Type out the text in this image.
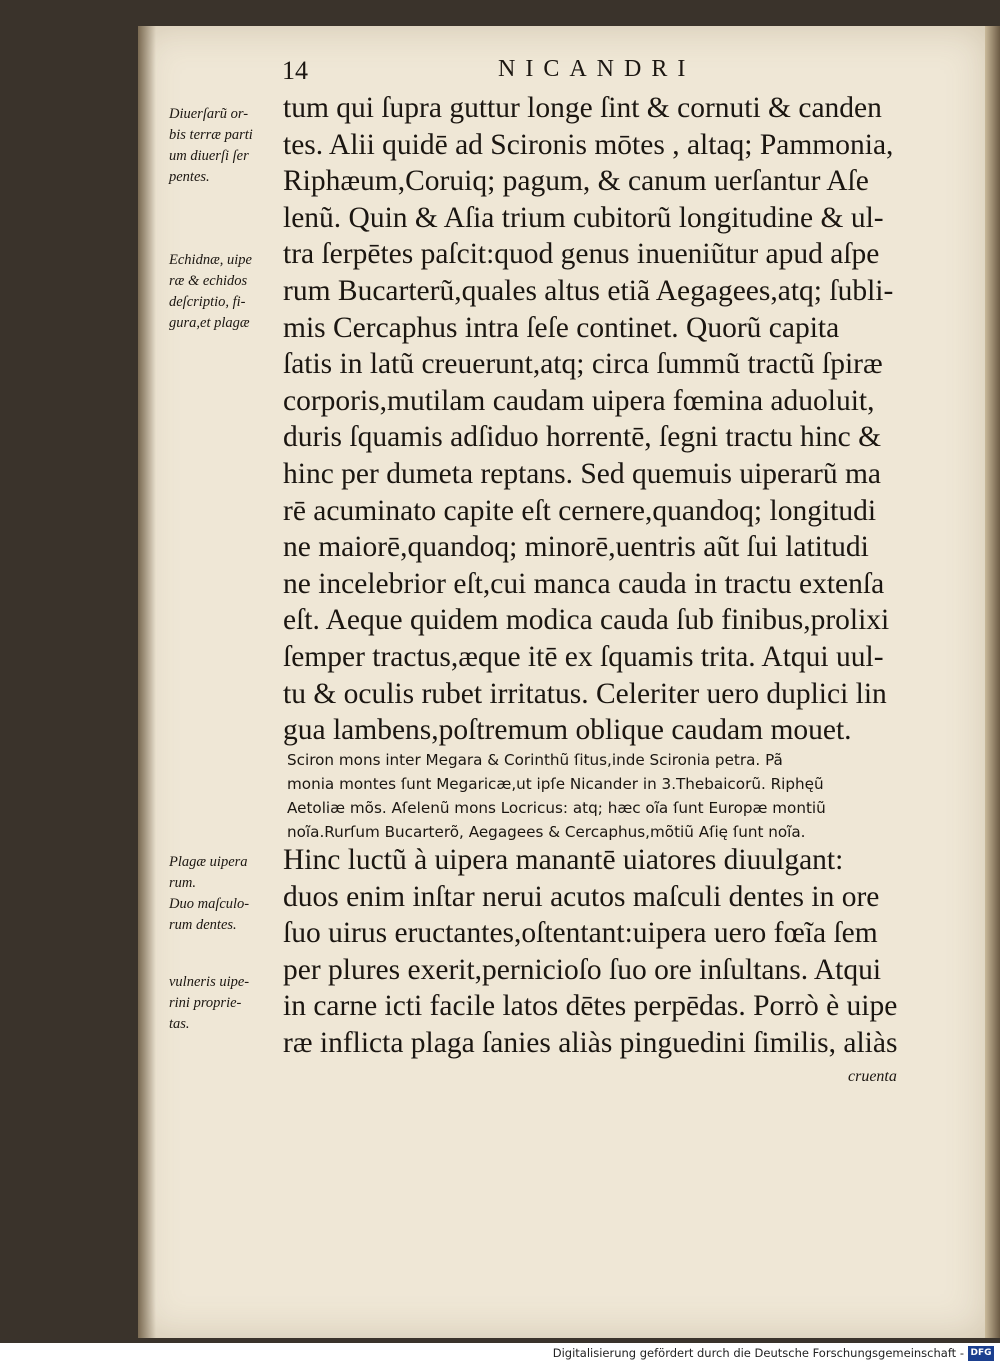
14	NICANDRI
tum qui ſupra guttur longe ſint & cornuti & canden
tes. Alii quidē ad Scironis mōtes , altaq; Pammonia,
Riphæum,Coruiq; pagum, & canum uerſantur Aſe
lenũ. Quin & Aſia trium cubitorũ longitudine & ul-
tra ſerpētes paſcit:quod genus inueniũtur apud aſpe
rum Bucarterũ,quales altus etiã Aegagees,atq; ſubli-
mis Cercaphus intra ſeſe continet. Quorũ capita
ſatis in latũ creuerunt,atq; circa ſummũ tractũ ſpiræ
corporis,mutilam caudam uipera fœmina aduoluit,
duris ſquamis adſiduo horrentē, ſegni tractu hinc &
hinc per dumeta reptans. Sed quemuis uiperarũ ma
rē acuminato capite eſt cernere,quandoq; longitudi
ne maiorē,quandoq; minorē,uentris aũt ſui latitudi
ne incelebrior eſt,cui manca cauda in tractu extenſa
eſt. Aeque quidem modica cauda ſub finibus,prolixi
ſemper tractus,æque itē ex ſquamis trita. Atqui uul-
tu & oculis rubet irritatus. Celeriter uero duplici lin
gua lambens,poſtremum oblique caudam mouet.
Sciron mons inter Megara & Corinthũ ſitus,inde Scironia petra. Pã
monia montes ſunt Megaricæ,ut ipſe Nicander in 3.Thebaicorũ. Riphęũ
Aetoliæ mõs. Aſelenũ mons Locricus: atq; hæc oĩa ſunt Europæ montiũ
noĩa.Rurſum Bucarterõ, Aegagees & Cercaphus,mõtiũ Aſię ſunt noĩa.
Hinc luctũ à uipera manantē uiatores diuulgant:
duos enim inſtar nerui acutos maſculi dentes in ore
ſuo uirus eructantes,oſtentant:uipera uero fœĩa ſem
per plures exerit,pernicioſo ſuo ore inſultans. Atqui
in carne icti facile latos dētes perpēdas. Porrò è uipe
ræ inflicta plaga ſanies aliàs pinguedini ſimilis, aliàs
cruenta
Diuerſarũ or-
bis terræ parti
um diuerſi ſer
pentes.
Echidnæ, uipe
ræ & echidos
deſcriptio, fi-
gura,et plagæ
Plagæ uipera
rum.
Duo maſculo-
rum dentes.
vulneris uipe-
rini proprie-
tas.
Digitalisierung gefördert durch die Deutsche Forschungsgemeinschaft - DFG
